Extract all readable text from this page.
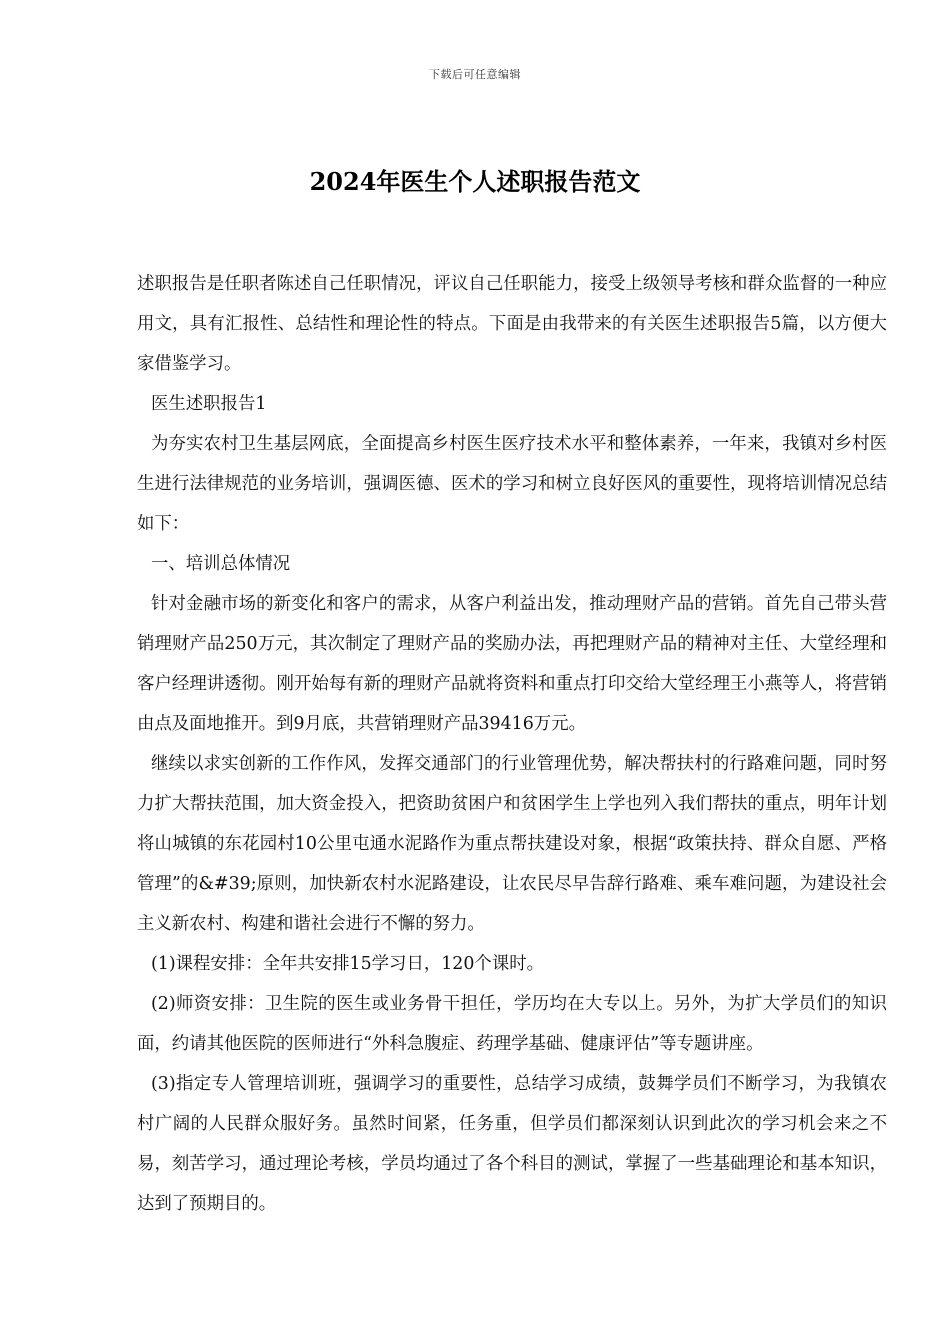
下载后可任意编辑
2024年医生个人述职报告范文

述职报告是任职者陈述自己任职情况，评议自己任职能力，接受上级领导考核和群众监督的一种应用文，具有汇报性、总结性和理论性的特点。下面是由我带来的有关医生述职报告5篇，以方便大家借鉴学习。

医生述职报告1

为夯实农村卫生基层网底，全面提高乡村医生医疗技术水平和整体素养，一年来，我镇对乡村医生进行法律规范的业务培训，强调医德、医术的学习和树立良好医风的重要性，现将培训情况总结如下：

一、培训总体情况

针对金融市场的新变化和客户的需求，从客户利益出发，推动理财产品的营销。首先自己带头营销理财产品250万元，其次制定了理财产品的奖励办法，再把理财产品的精神对主任、大堂经理和客户经理讲透彻。刚开始每有新的理财产品就将资料和重点打印交给大堂经理王小燕等人，将营销由点及面地推开。到9月底，共营销理财产品39416万元。

继续以求实创新的工作作风，发挥交通部门的行业管理优势，解决帮扶村的行路难问题，同时努力扩大帮扶范围，加大资金投入，把资助贫困户和贫困学生上学也列入我们帮扶的重点，明年计划将山城镇的东花园村10公里屯通水泥路作为重点帮扶建设对象，根据“政策扶持、群众自愿、严格管理”的&#39;原则，加快新农村水泥路建设，让农民尽早告辞行路难、乘车难问题，为建设社会主义新农村、构建和谐社会进行不懈的努力。

(1)课程安排：全年共安排15学习日，120个课时。

(2)师资安排：卫生院的医生或业务骨干担任，学历均在大专以上。另外，为扩大学员们的知识面，约请其他医院的医师进行“外科急腹症、药理学基础、健康评估”等专题讲座。

(3)指定专人管理培训班，强调学习的重要性，总结学习成绩，鼓舞学员们不断学习，为我镇农村广阔的人民群众服好务。虽然时间紧，任务重，但学员们都深刻认识到此次的学习机会来之不易，刻苦学习，通过理论考核，学员均通过了各个科目的测试，掌握了一些基础理论和基本知识，达到了预期目的。
